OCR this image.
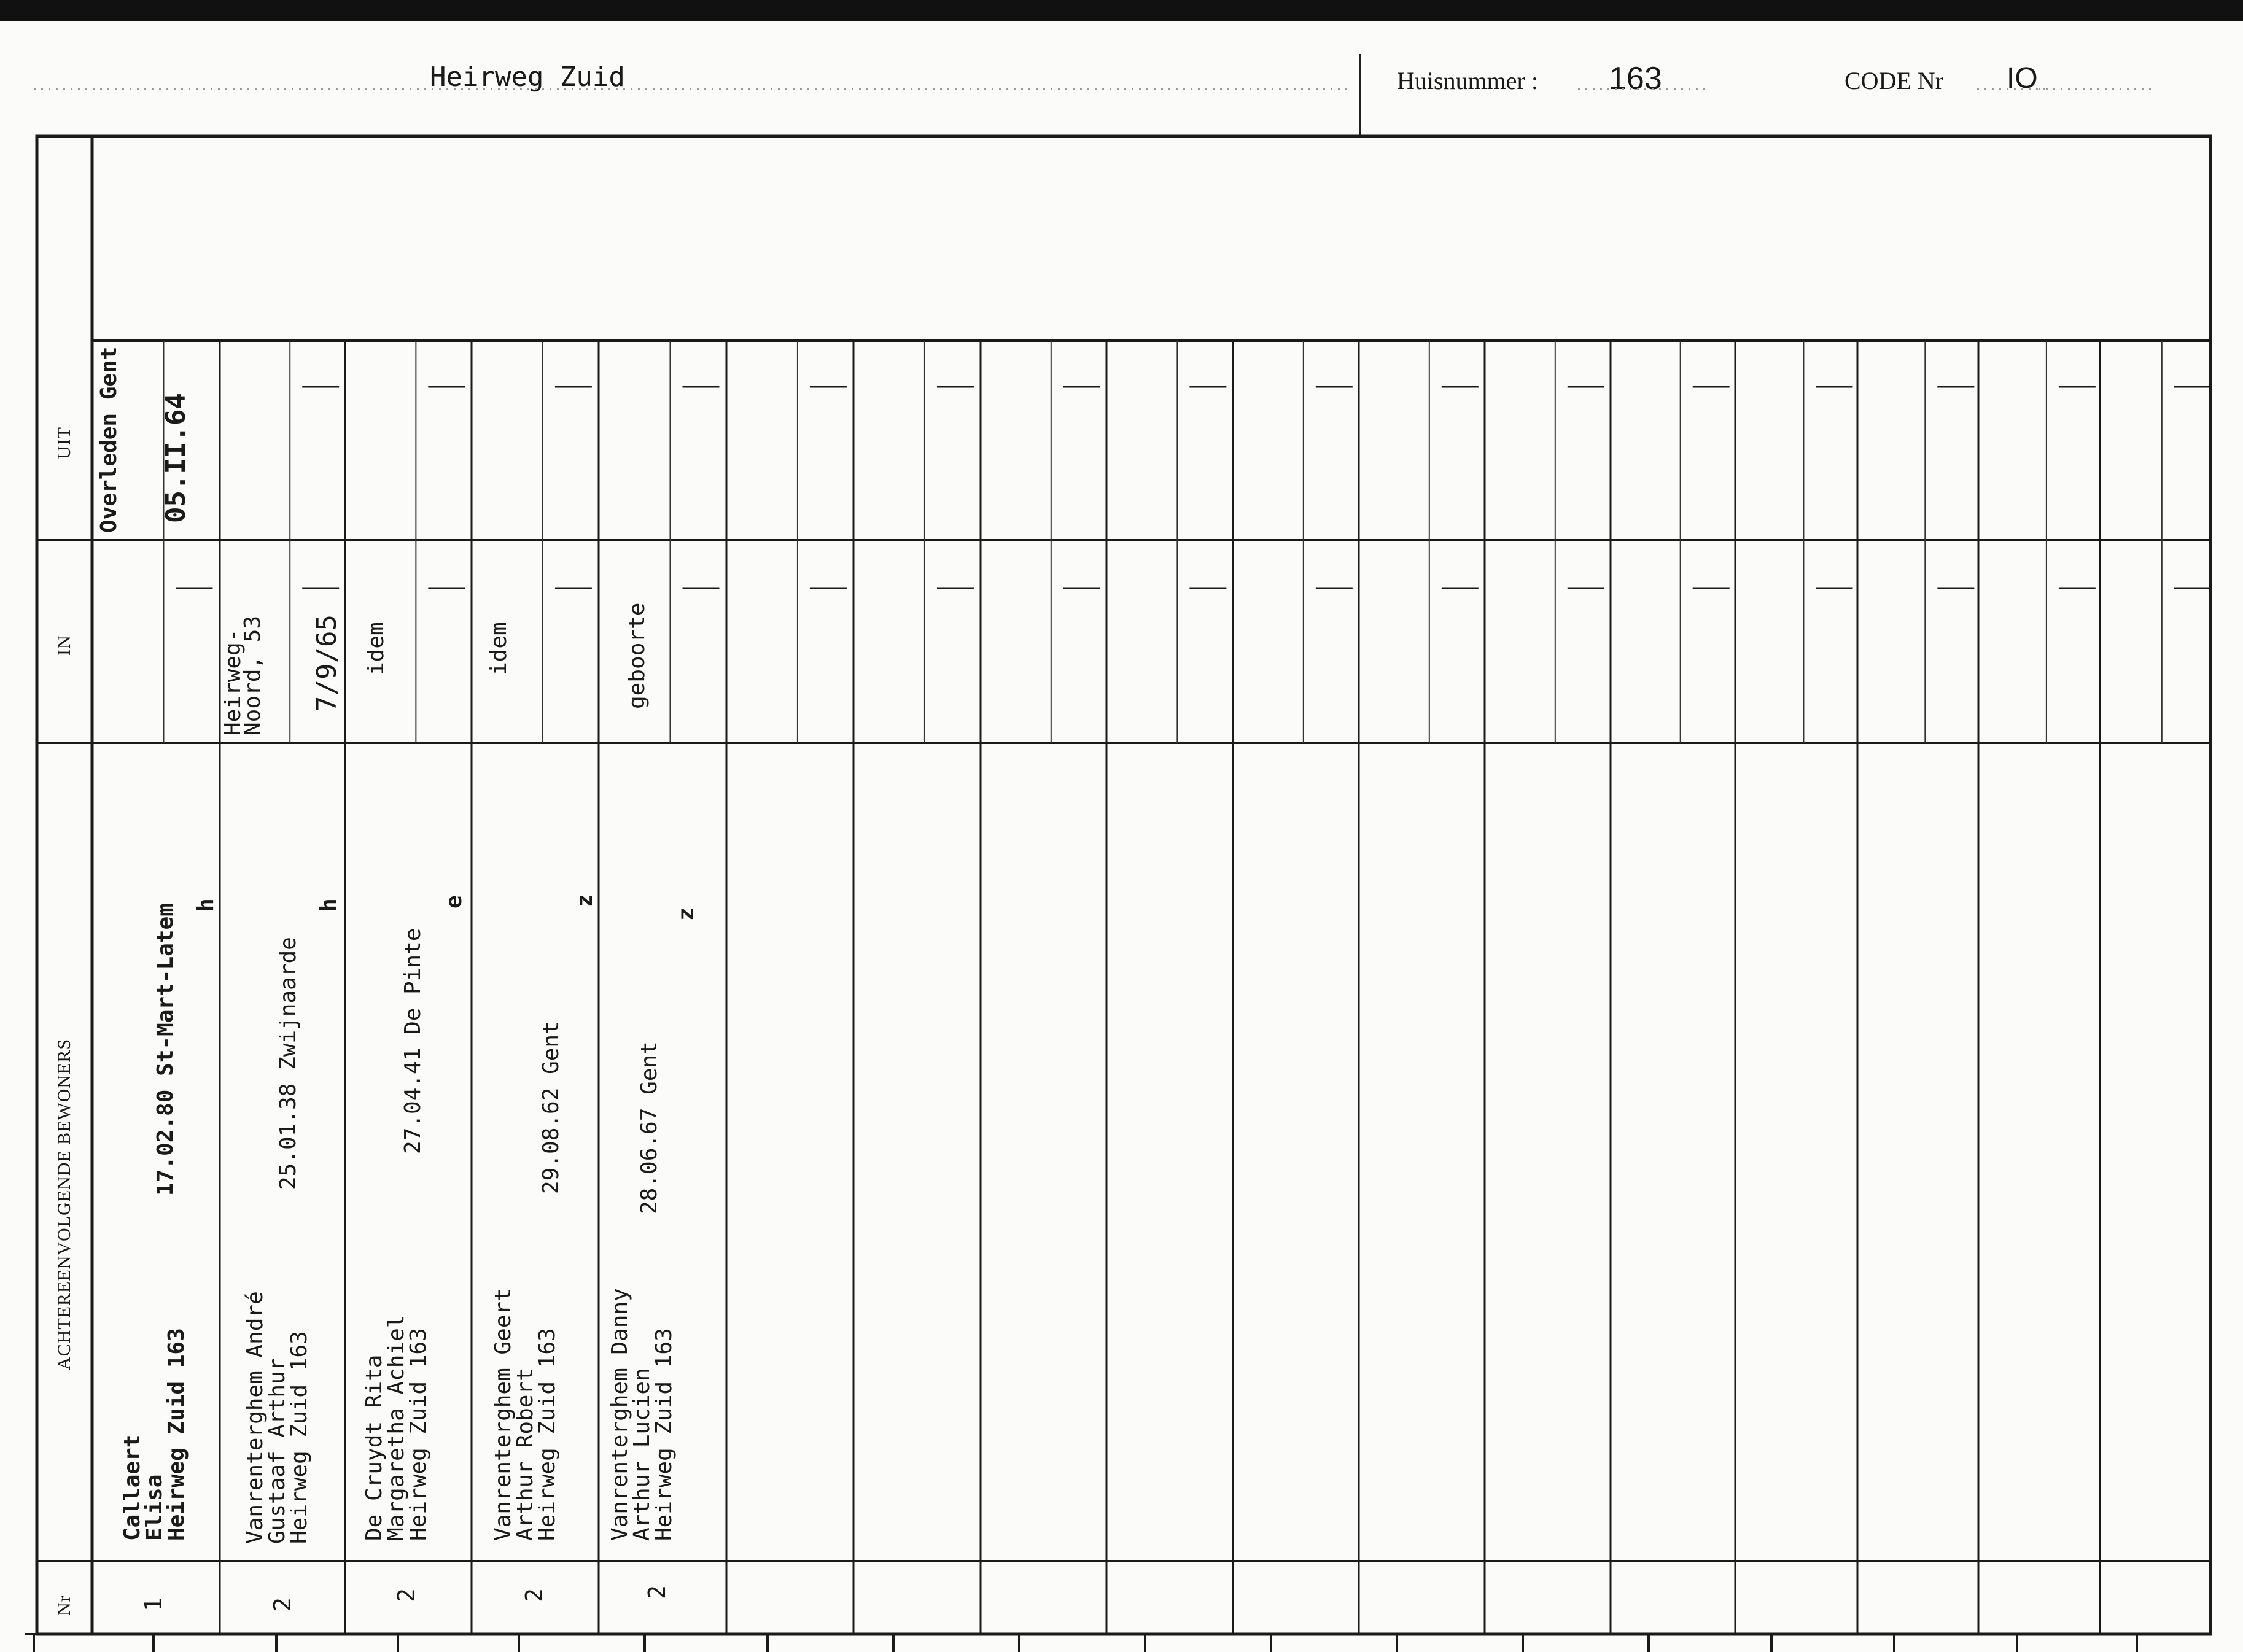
Heirweg Zuid	Huisnummer : 163	CODE Nr IO
Nr
ACHTEREENVOLGENDE BEWONERS
IN
UIT
1
Callaert
Elisa
Heirweg Zuid 163
17.02.80 St-Mart-Latem h
Overleden Gent 05.II.64
2
Vanrenterghem André
Gustaaf Arthur
Heirweg Zuid 163
25.01.38 Zwijnaarde
h
Heirweg-Noord, 53 7/9/65
2
De Cruydt Rita
Margaretha Achiel
Heirweg Zuid 163
27.04.41 De Pinte
e
idem
2
Vanrenterghem Geert
Arthur Robert
Heirweg Zuid 163
29.08.62 Gent
z
idem
2
Vanrenterghem Danny
Arthur Lucien
Heirweg Zuid 163
28.06.67 Gent
z
geboorte
